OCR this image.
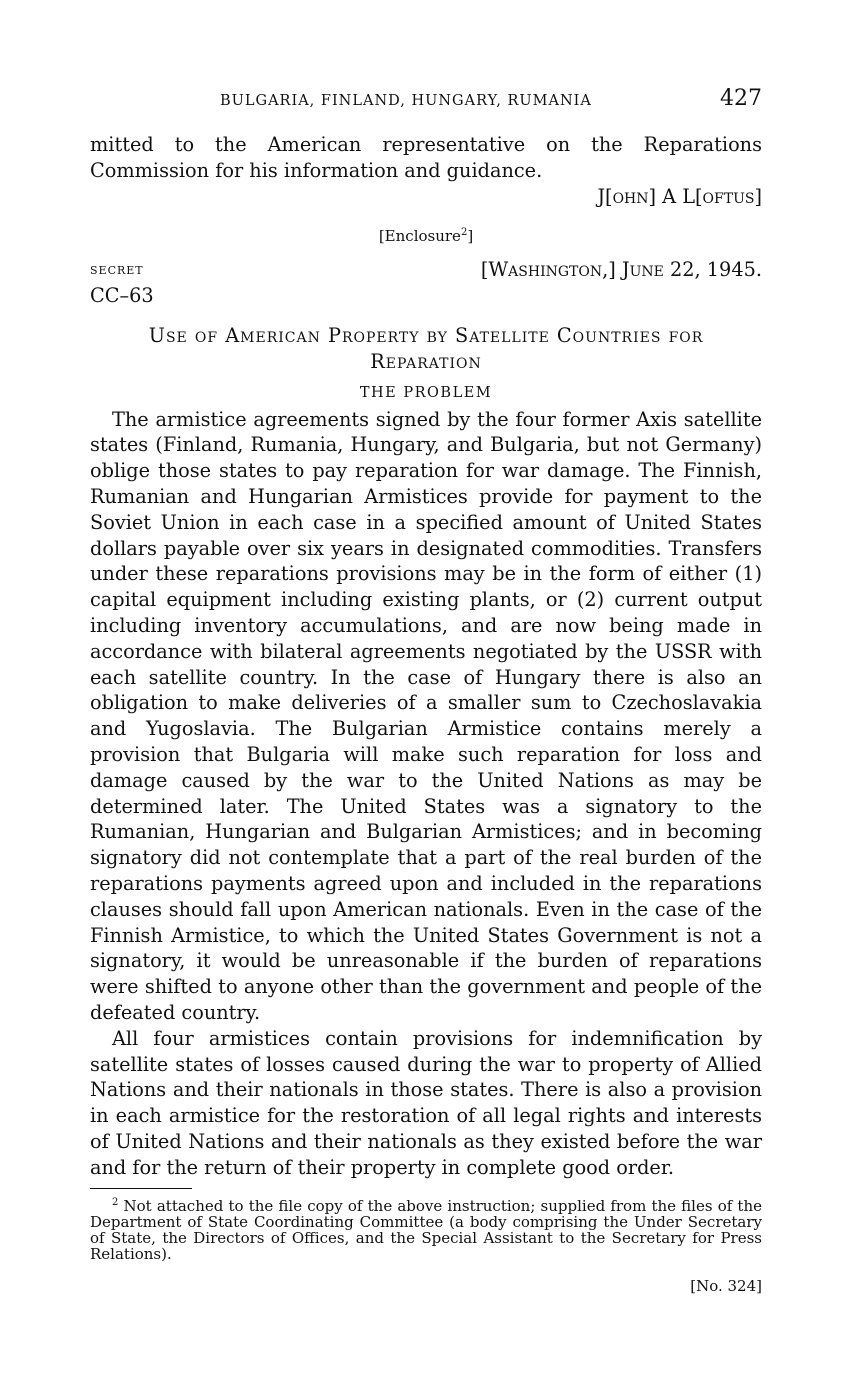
BULGARIA, FINLAND, HUNGARY, RUMANIA	427

mitted to the American representative on the Reparations Commission for his information and guidance.

J[ohn] A L[oftus]
[Enclosure$^2$]
secret	[Washington,] June 22, 1945.
CC–63
Use of American Property by Satellite Countries for
Reparation
THE PROBLEM

The armistice agreements signed by the four former Axis satellite states (Finland, Rumania, Hungary, and Bulgaria, but not Germany) oblige those states to pay reparation for war damage. The Finnish, Rumanian and Hungarian Armistices provide for payment to the Soviet Union in each case in a specified amount of United States dollars payable over six years in designated commodities. Transfers under these reparations provisions may be in the form of either (1) capital equipment including existing plants, or (2) current output including inventory accumulations, and are now being made in accordance with bilateral agreements negotiated by the USSR with each satellite country. In the case of Hungary there is also an obligation to make deliveries of a smaller sum to Czechoslavakia and Yugoslavia. The Bulgarian Armistice contains merely a provision that Bulgaria will make such reparation for loss and damage caused by the war to the United Nations as may be determined later. The United States was a signatory to the Rumanian, Hungarian and Bulgarian Armistices; and in becoming signatory did not contemplate that a part of the real burden of the reparations payments agreed upon and included in the reparations clauses should fall upon American nationals. Even in the case of the Finnish Armistice, to which the United States Government is not a signatory, it would be unreasonable if the burden of reparations were shifted to anyone other than the government and people of the defeated country.

All four armistices contain provisions for indemnification by satellite states of losses caused during the war to property of Allied Nations and their nationals in those states. There is also a provision in each armistice for the restoration of all legal rights and interests of United Nations and their nationals as they existed before the war and for the return of their property in complete good order.

$^2$ Not attached to the file copy of the above instruction; supplied from the files of the Department of State Coordinating Committee (a body comprising the Under Secretary of State, the Directors of Offices, and the Special Assistant to the Secretary for Press Relations).

[No. 324]
